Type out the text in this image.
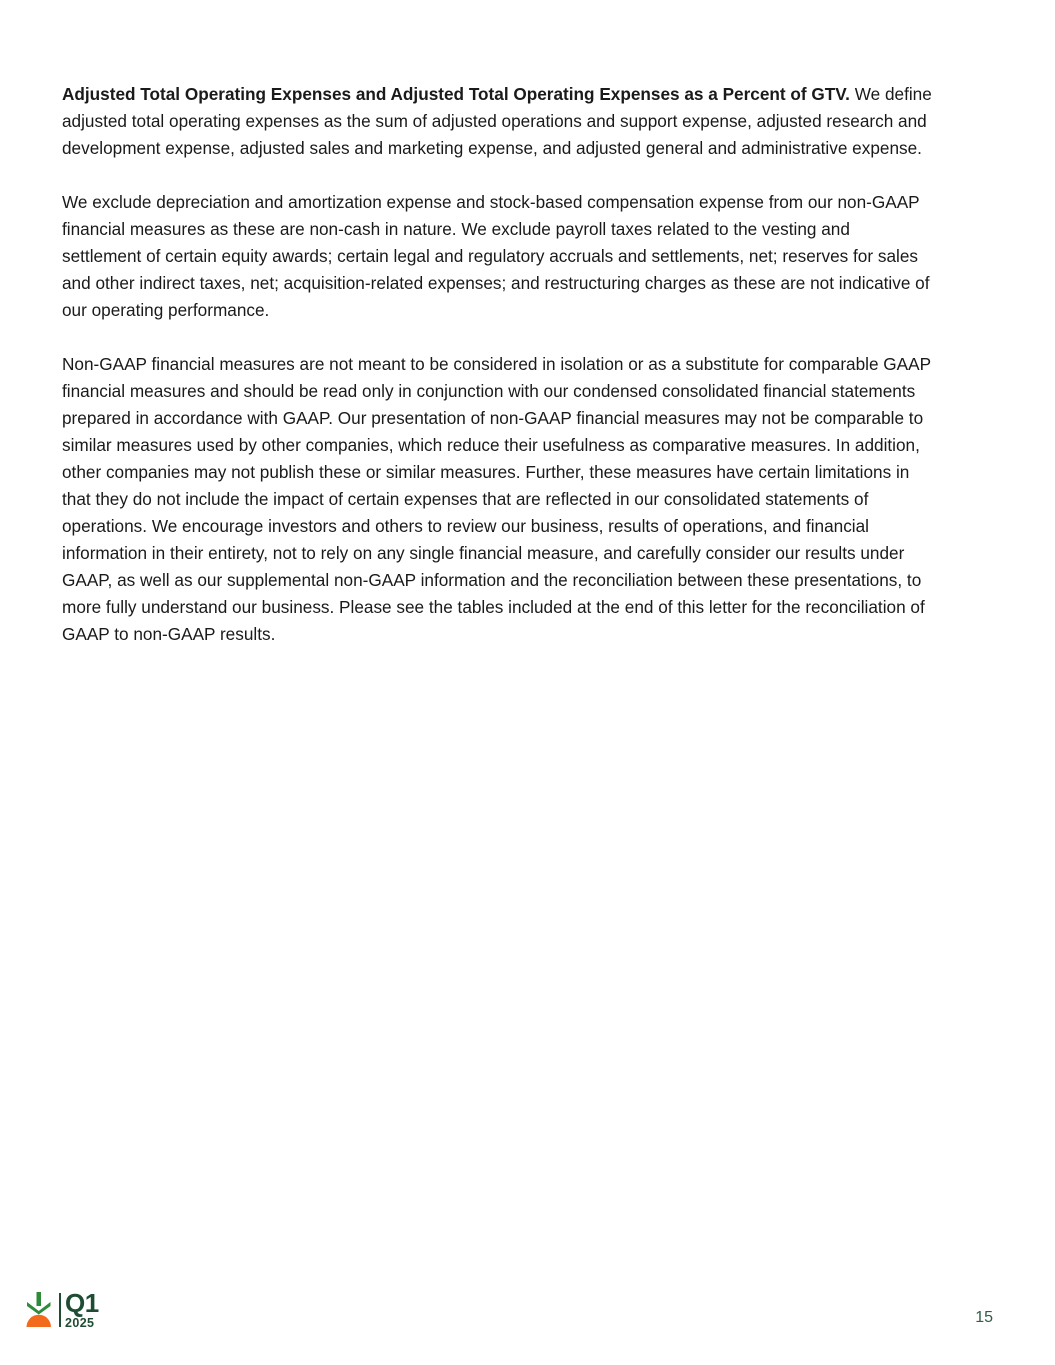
Adjusted Total Operating Expenses and Adjusted Total Operating Expenses as a Percent of GTV. We define adjusted total operating expenses as the sum of adjusted operations and support expense, adjusted research and development expense, adjusted sales and marketing expense, and adjusted general and administrative expense.

We exclude depreciation and amortization expense and stock-based compensation expense from our non-GAAP financial measures as these are non-cash in nature. We exclude payroll taxes related to the vesting and settlement of certain equity awards; certain legal and regulatory accruals and settlements, net; reserves for sales and other indirect taxes, net; acquisition-related expenses; and restructuring charges as these are not indicative of our operating performance.

Non-GAAP financial measures are not meant to be considered in isolation or as a substitute for comparable GAAP financial measures and should be read only in conjunction with our condensed consolidated financial statements prepared in accordance with GAAP. Our presentation of non-GAAP financial measures may not be comparable to similar measures used by other companies, which reduce their usefulness as comparative measures. In addition, other companies may not publish these or similar measures. Further, these measures have certain limitations in that they do not include the impact of certain expenses that are reflected in our consolidated statements of operations. We encourage investors and others to review our business, results of operations, and financial information in their entirety, not to rely on any single financial measure, and carefully consider our results under GAAP, as well as our supplemental non-GAAP information and the reconciliation between these presentations, to more fully understand our business. Please see the tables included at the end of this letter for the reconciliation of GAAP to non-GAAP results.

Q1
2025	15
